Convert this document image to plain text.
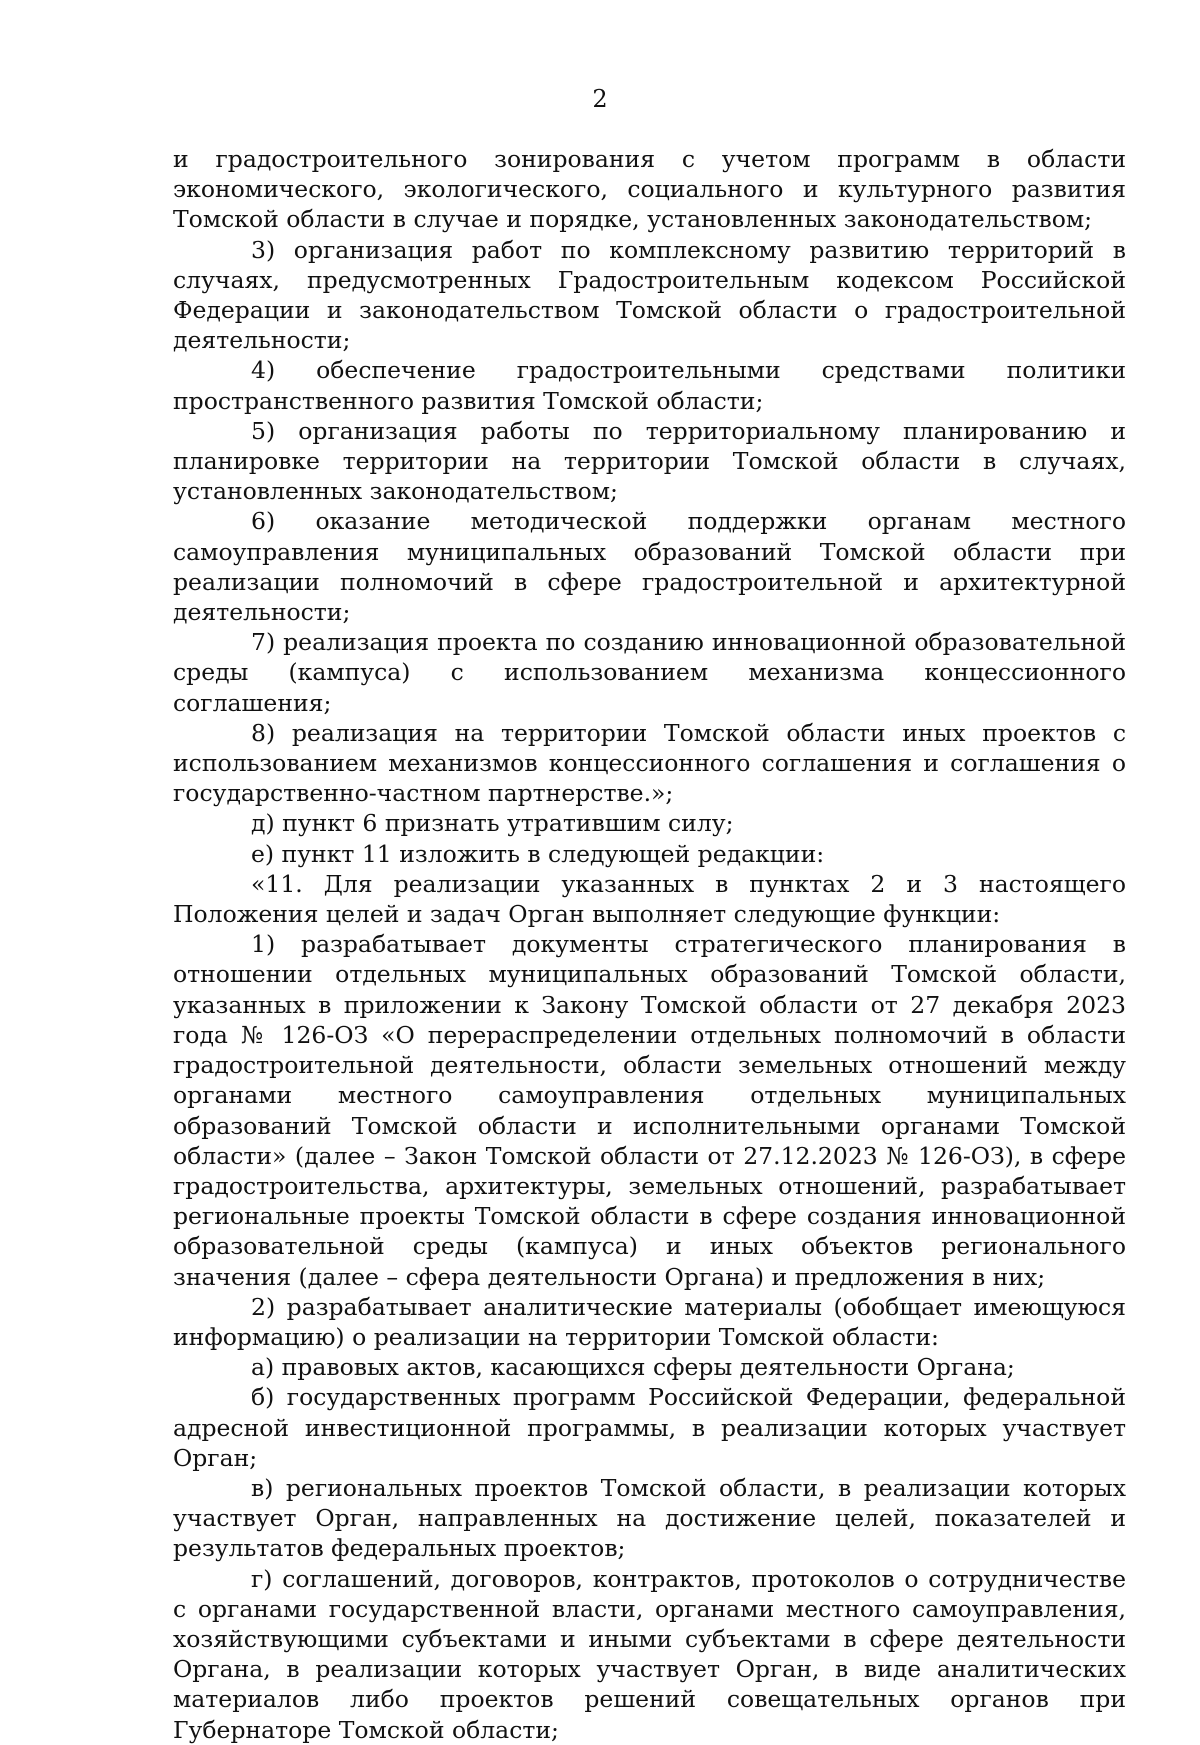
2

и градостроительного зонирования с учетом программ в области экономического, экологического, социального и культурного развития Томской области в случае и порядке, установленных законодательством;

3) организация работ по комплексному развитию территорий в случаях, предусмотренных Градостроительным кодексом Российской Федерации и законодательством Томской области о градостроительной деятельности;

4) обеспечение градостроительными средствами политики пространственного развития Томской области;

5) организация работы по территориальному планированию и планировке территории на территории Томской области в случаях, установленных законодательством;

6) оказание методической поддержки органам местного самоуправления муниципальных образований Томской области при реализации полномочий в сфере градостроительной и архитектурной деятельности;

7) реализация проекта по созданию инновационной образовательной среды (кампуса) с использованием механизма концессионного соглашения;

8) реализация на территории Томской области иных проектов с использованием механизмов концессионного соглашения и соглашения о государственно-частном партнерстве.»;

д) пункт 6 признать утратившим силу;

е) пункт 11 изложить в следующей редакции:

«11. Для реализации указанных в пунктах 2 и 3 настоящего Положения целей и задач Орган выполняет следующие функции:

1) разрабатывает документы стратегического планирования в отношении отдельных муниципальных образований Томской области, указанных в приложении к Закону Томской области от 27 декабря 2023 года № 126-ОЗ «О перераспределении отдельных полномочий в области градостроительной деятельности, области земельных отношений между органами местного самоуправления отдельных муниципальных образований Томской области и исполнительными органами Томской области» (далее – Закон Томской области от 27.12.2023 № 126-ОЗ), в сфере градостроительства, архитектуры, земельных отношений, разрабатывает региональные проекты Томской области в сфере создания инновационной образовательной среды (кампуса) и иных объектов регионального значения (далее – сфера деятельности Органа) и предложения в них;

2) разрабатывает аналитические материалы (обобщает имеющуюся информацию) о реализации на территории Томской области:

а) правовых актов, касающихся сферы деятельности Органа;

б) государственных программ Российской Федерации, федеральной адресной инвестиционной программы, в реализации которых участвует Орган;

в) региональных проектов Томской области, в реализации которых участвует Орган, направленных на достижение целей, показателей и результатов федеральных проектов;

г) соглашений, договоров, контрактов, протоколов о сотрудничестве с органами государственной власти, органами местного самоуправления, хозяйствующими субъектами и иными субъектами в сфере деятельности Органа, в реализации которых участвует Орган, в виде аналитических материалов либо проектов решений совещательных органов при Губернаторе Томской области;
